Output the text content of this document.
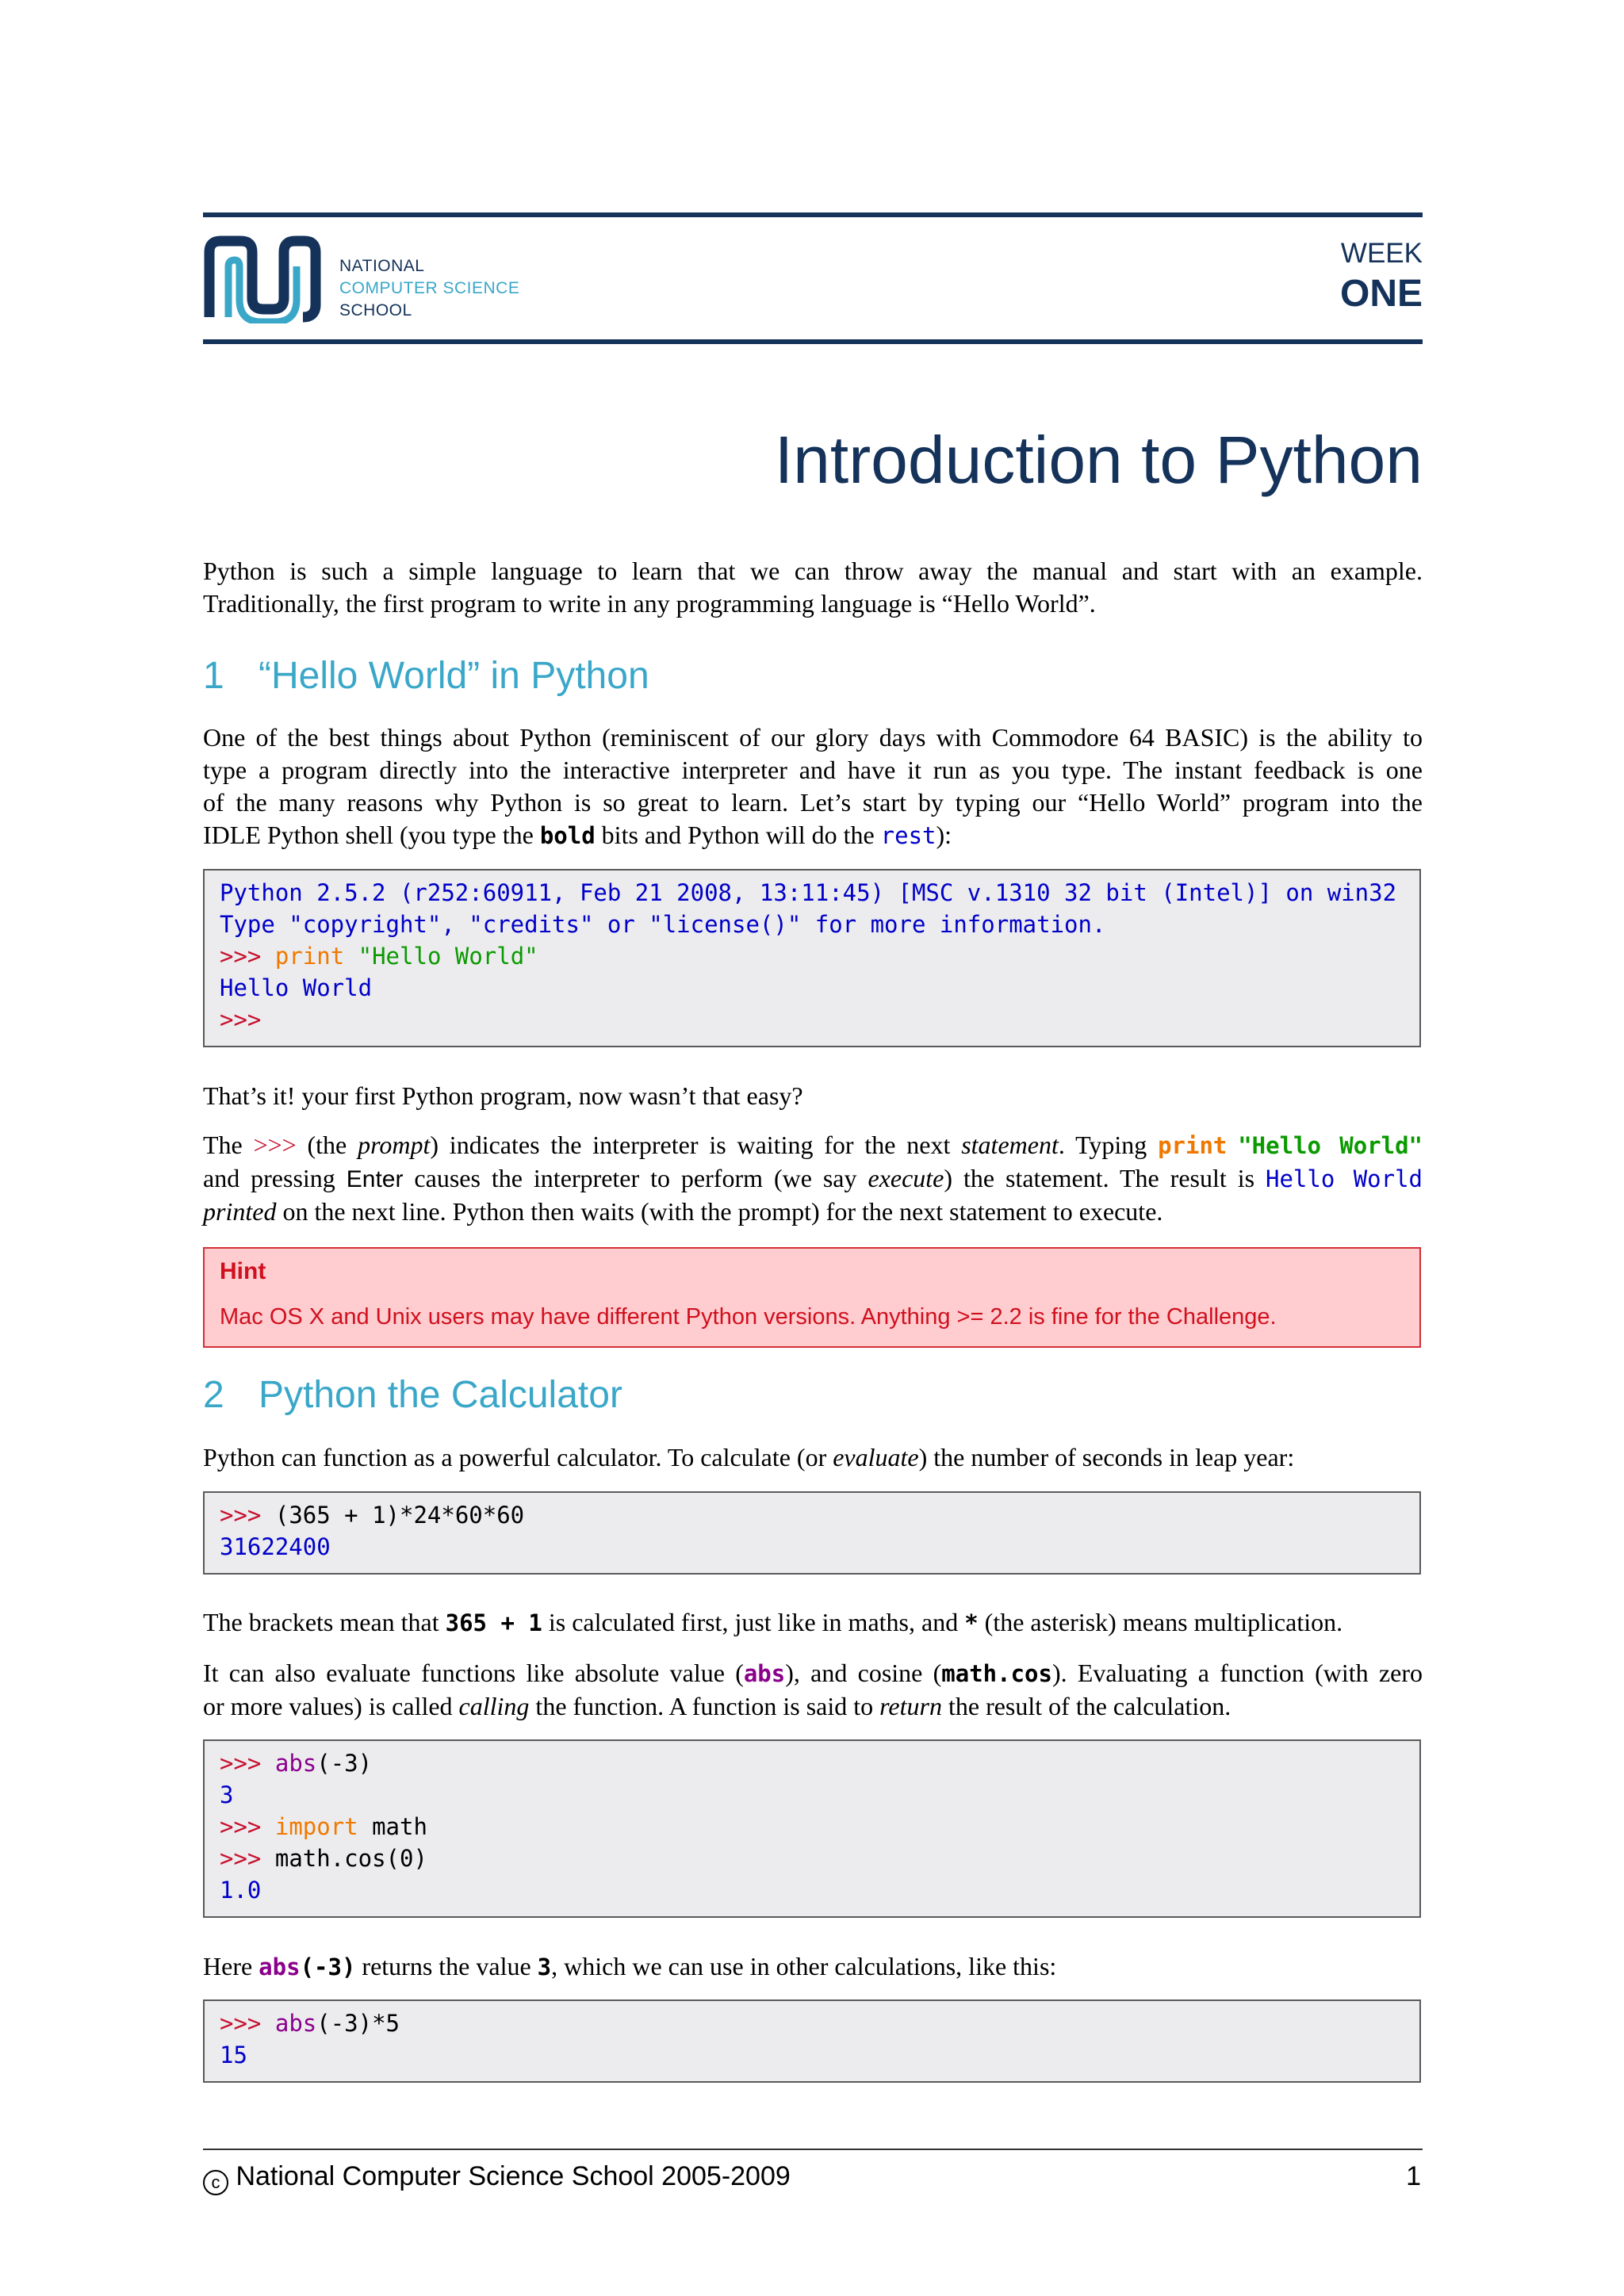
NATIONAL
COMPUTER SCIENCE
SCHOOL
WEEK
ONE
Introduction to Python
Python is such a simple language to learn that we can throw away the manual and start with an example.
Traditionally, the first program to write in any programming language is “Hello World”.
1 “Hello World” in Python
One of the best things about Python (reminiscent of our glory days with Commodore 64 BASIC) is the ability to
type a program directly into the interactive interpreter and have it run as you type. The instant feedback is one
of the many reasons why Python is so great to learn. Let’s start by typing our “Hello World” program into the
IDLE Python shell (you type the bold bits and Python will do the rest):
Python 2.5.2 (r252:60911, Feb 21 2008, 13:11:45) [MSC v.1310 32 bit (Intel)] on win32
Type "copyright", "credits" or "license()" for more information.
>>> print "Hello World"
Hello World
>>>
That’s it! your first Python program, now wasn’t that easy?
The >>> (the prompt) indicates the interpreter is waiting for the next statement. Typing print "Hello World"
and pressing Enter causes the interpreter to perform (we say execute) the statement. The result is Hello World
printed on the next line. Python then waits (with the prompt) for the next statement to execute.
Hint
Mac OS X and Unix users may have different Python versions. Anything >= 2.2 is fine for the Challenge.
2 Python the Calculator
Python can function as a powerful calculator. To calculate (or evaluate) the number of seconds in leap year:
>>> (365 + 1)*24*60*60
31622400
The brackets mean that 365 + 1 is calculated first, just like in maths, and * (the asterisk) means multiplication.
It can also evaluate functions like absolute value (abs), and cosine (math.cos). Evaluating a function (with zero
or more values) is called calling the function. A function is said to return the result of the calculation.
>>> abs(-3)
3
>>> import math
>>> math.cos(0)
1.0
Here abs(-3) returns the value 3, which we can use in other calculations, like this:
>>> abs(-3)*5
15
c National Computer Science School 2005-2009	1
